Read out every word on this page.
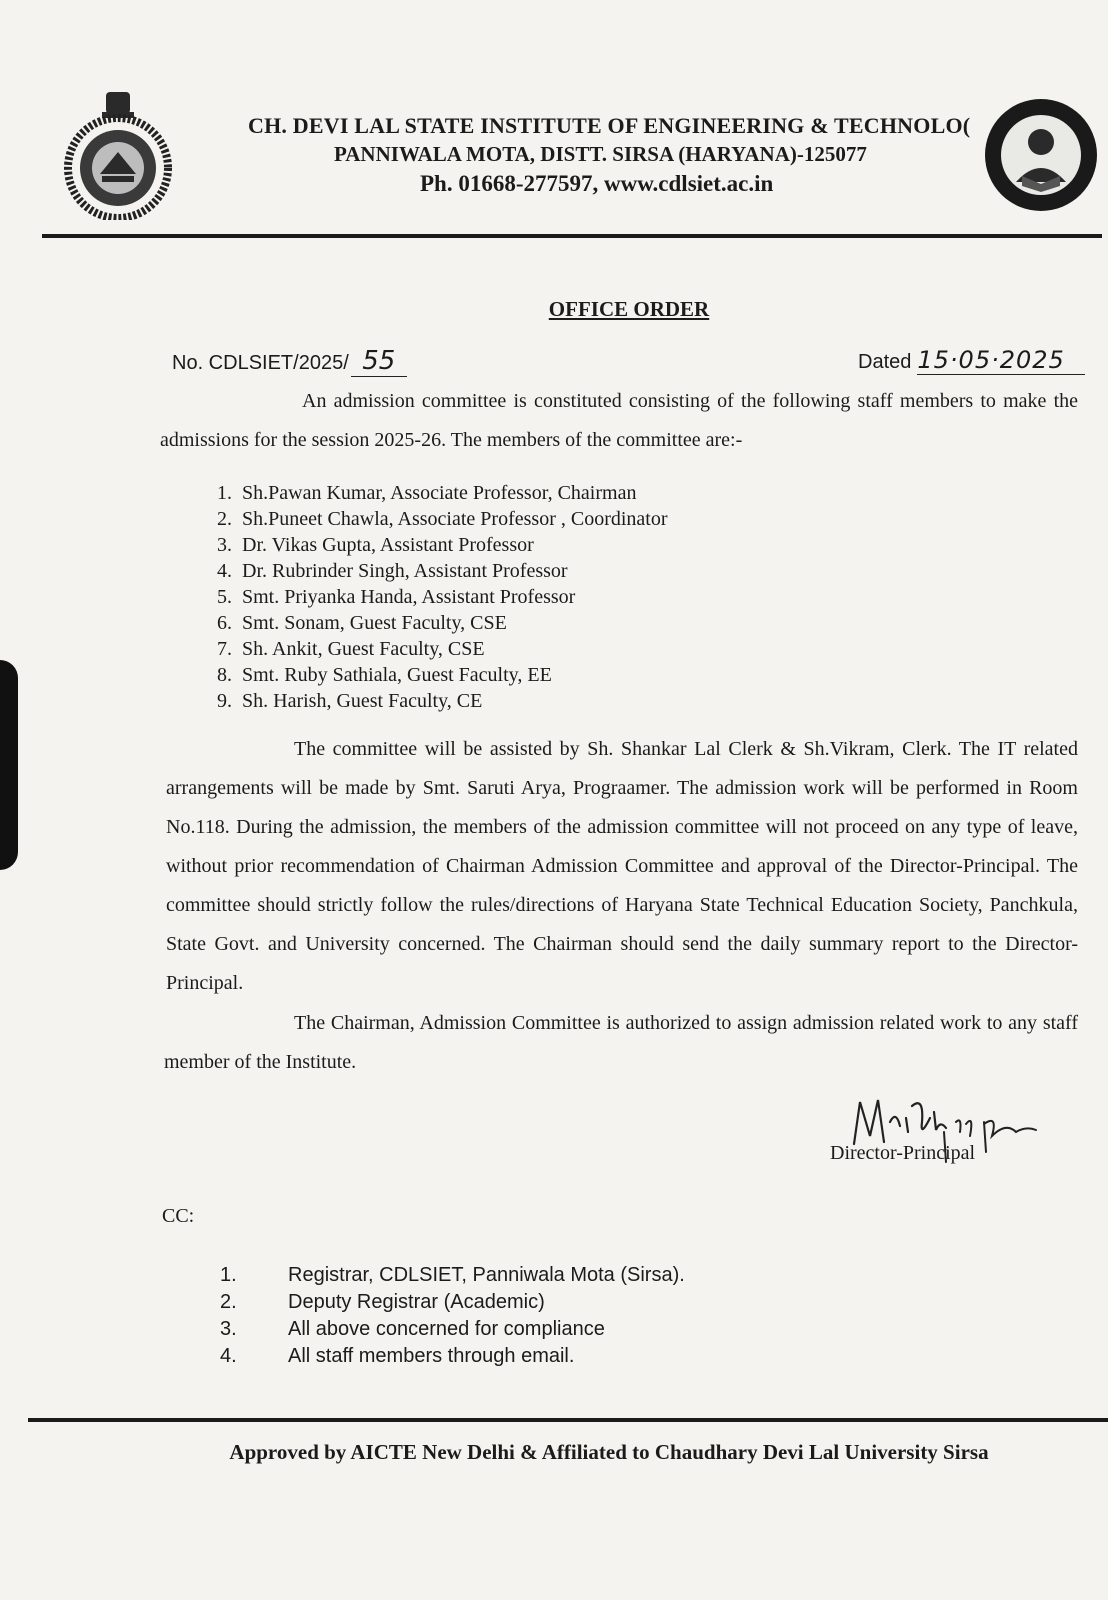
CH. DEVI LAL STATE INSTITUTE OF ENGINEERING & TECHNOLO(
PANNIWALA MOTA, DISTT. SIRSA (HARYANA)-125077
Ph. 01668-277597, www.cdlsiet.ac.in
OFFICE ORDER
No. CDLSIET/2025/ 55	Dated 15·05·2025
An admission committee is constituted consisting of the following staff members to make the admissions for the session 2025-26. The members of the committee are:-
1. Sh.Pawan Kumar, Associate Professor, Chairman
2. Sh.Puneet Chawla, Associate Professor , Coordinator
3. Dr. Vikas Gupta, Assistant Professor
4. Dr. Rubrinder Singh, Assistant Professor
5. Smt. Priyanka Handa, Assistant Professor
6. Smt. Sonam, Guest Faculty, CSE
7. Sh. Ankit, Guest Faculty, CSE
8. Smt. Ruby Sathiala, Guest Faculty, EE
9. Sh. Harish, Guest Faculty, CE
The committee will be assisted by Sh. Shankar Lal Clerk & Sh.Vikram, Clerk. The IT related arrangements will be made by Smt. Saruti Arya, Prograamer. The admission work will be performed in Room No.118. During the admission, the members of the admission committee will not proceed on any type of leave, without prior recommendation of Chairman Admission Committee and approval of the Director-Principal. The committee should strictly follow the rules/directions of Haryana State Technical Education Society, Panchkula, State Govt. and University concerned. The Chairman should send the daily summary report to the Director-Principal.
The Chairman, Admission Committee is authorized to assign admission related work to any staff member of the Institute.
Director-Principal
CC:
1.	Registrar, CDLSIET, Panniwala Mota (Sirsa).
2.	Deputy Registrar (Academic)
3.	All above concerned for compliance
4.	All staff members through email.
Approved by AICTE New Delhi & Affiliated to Chaudhary Devi Lal University Sirsa
